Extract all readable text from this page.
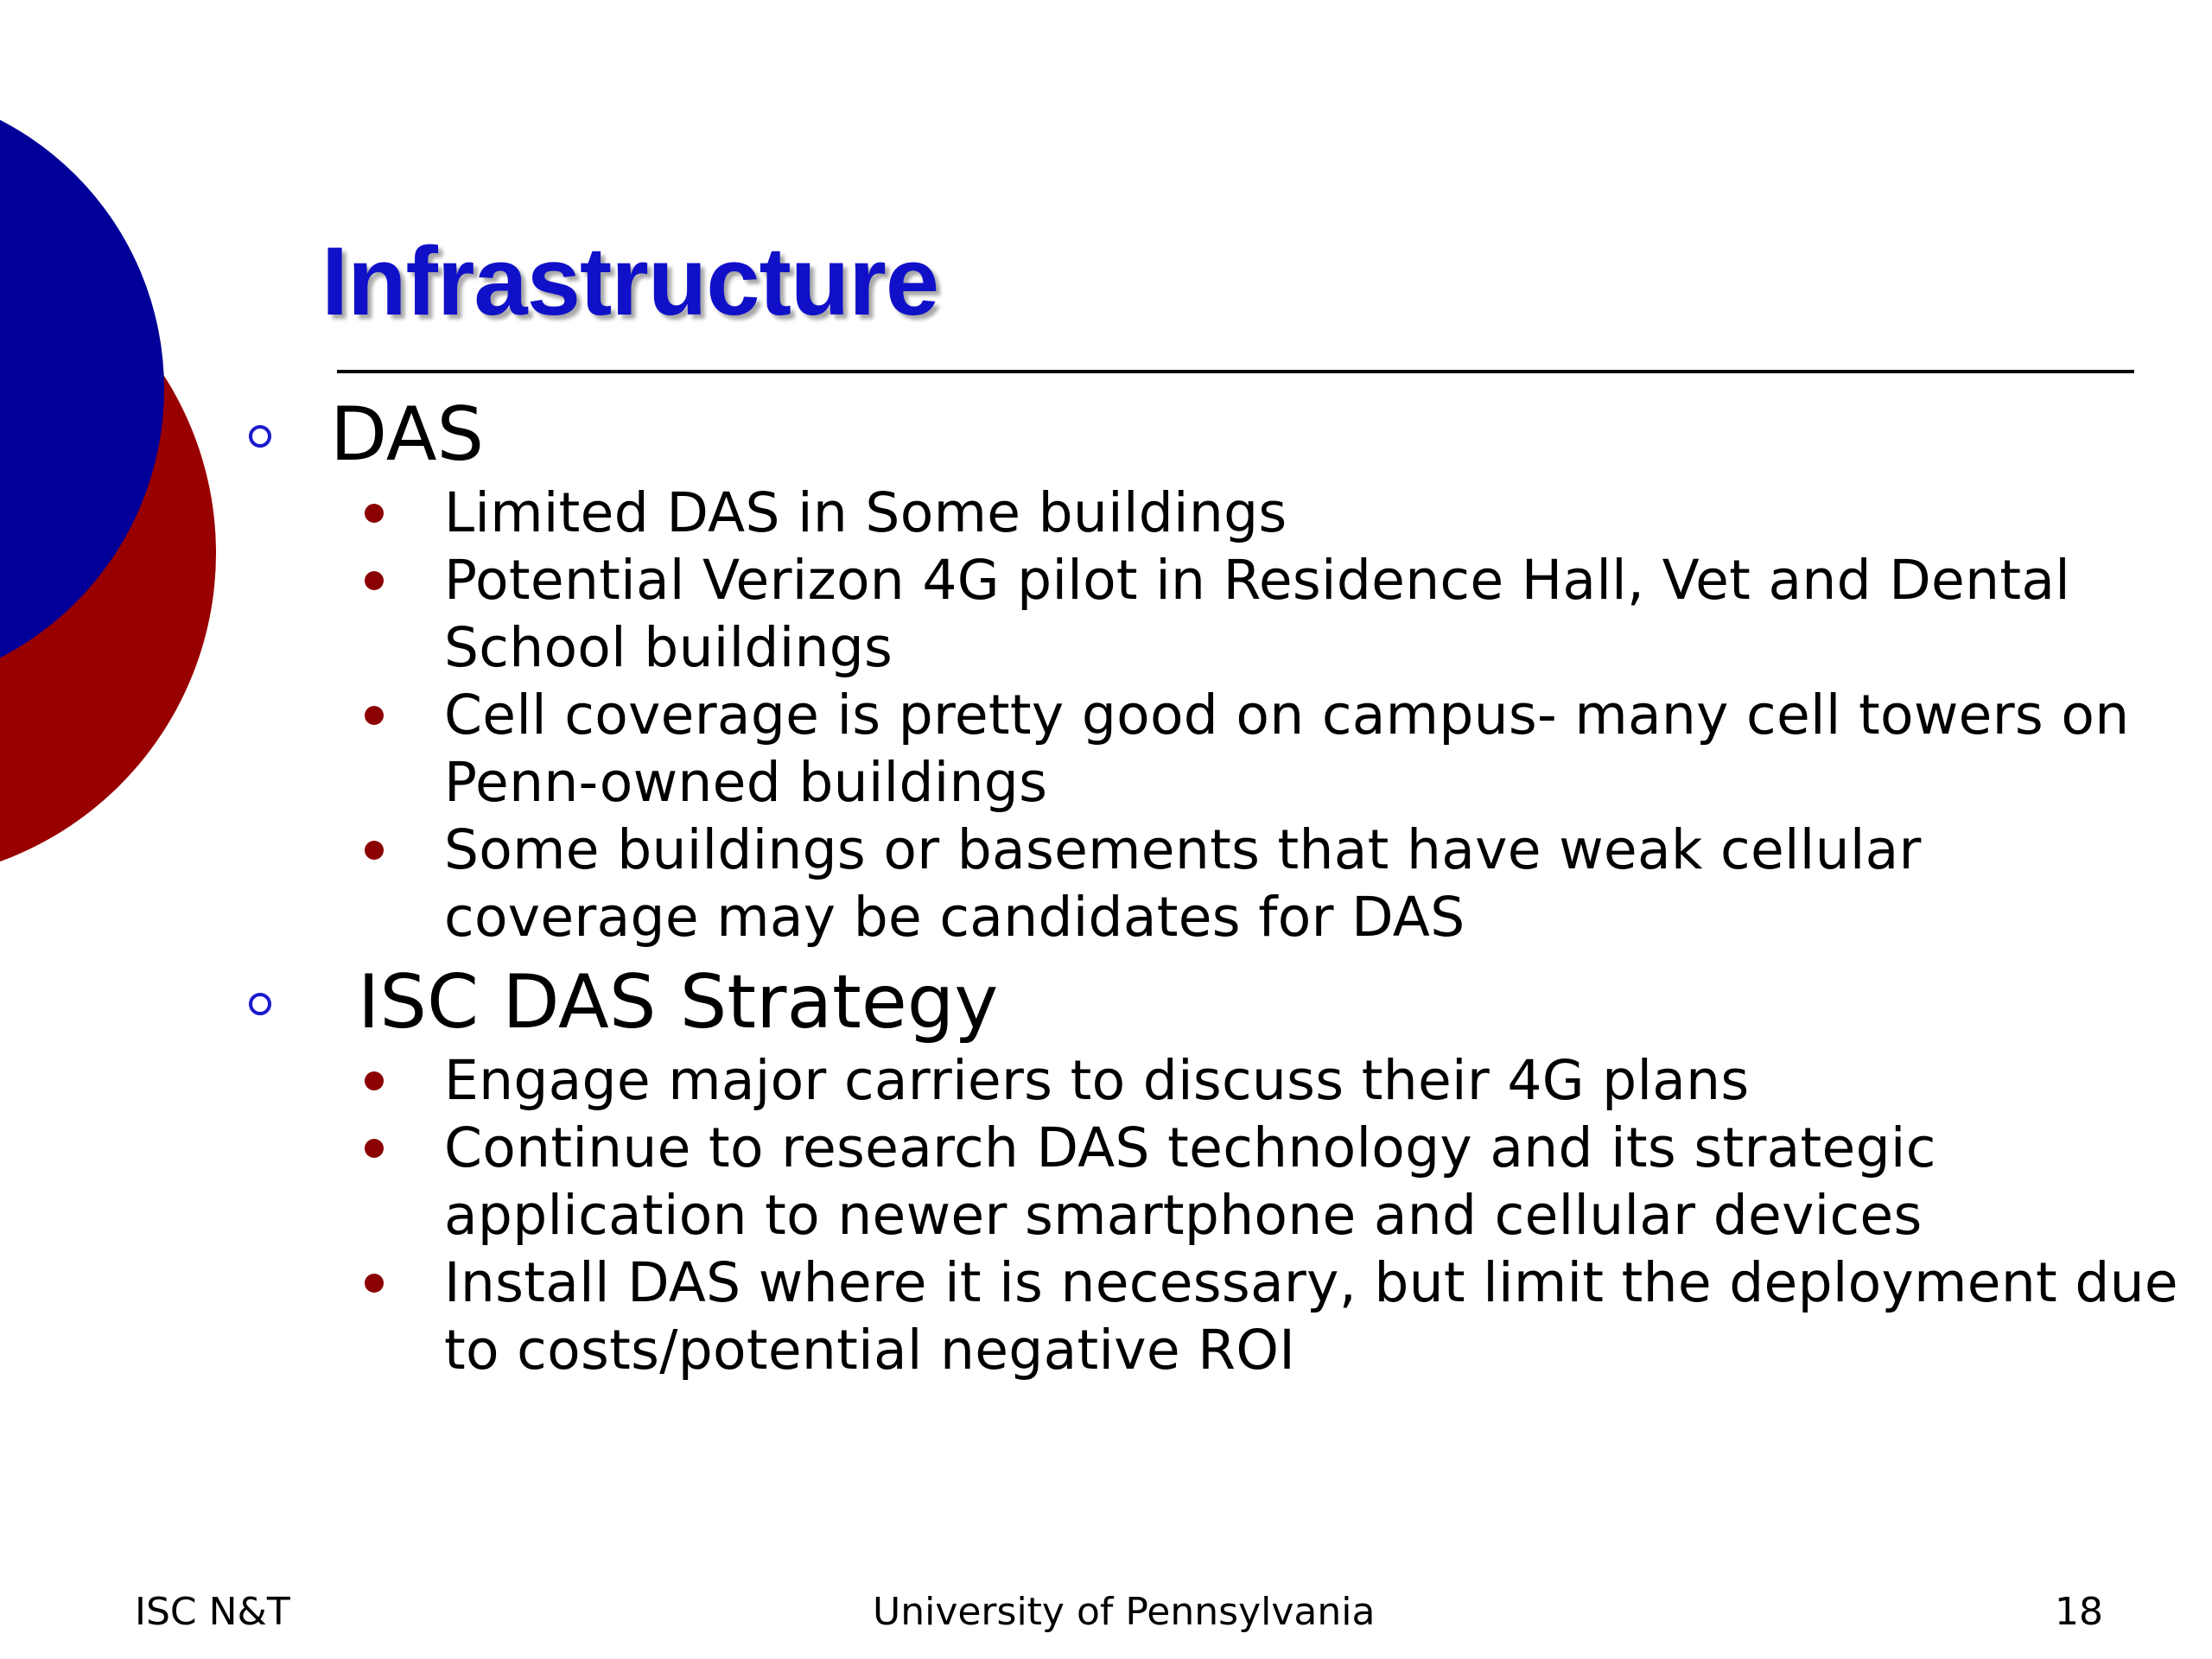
Infrastructure
DAS
Limited DAS in Some buildings
Potential Verizon 4G pilot in Residence Hall, Vet and Dental School buildings
Cell coverage is pretty good on campus- many cell towers on Penn-owned buildings
Some buildings or basements that have weak cellular coverage may be candidates for DAS
ISC DAS Strategy
Engage major carriers to discuss their 4G plans
Continue to research DAS technology and its strategic application to newer smartphone and cellular devices
Install DAS where it is necessary, but limit the deployment due to costs/potential negative ROI
ISC N&T	University of Pennsylvania	18
